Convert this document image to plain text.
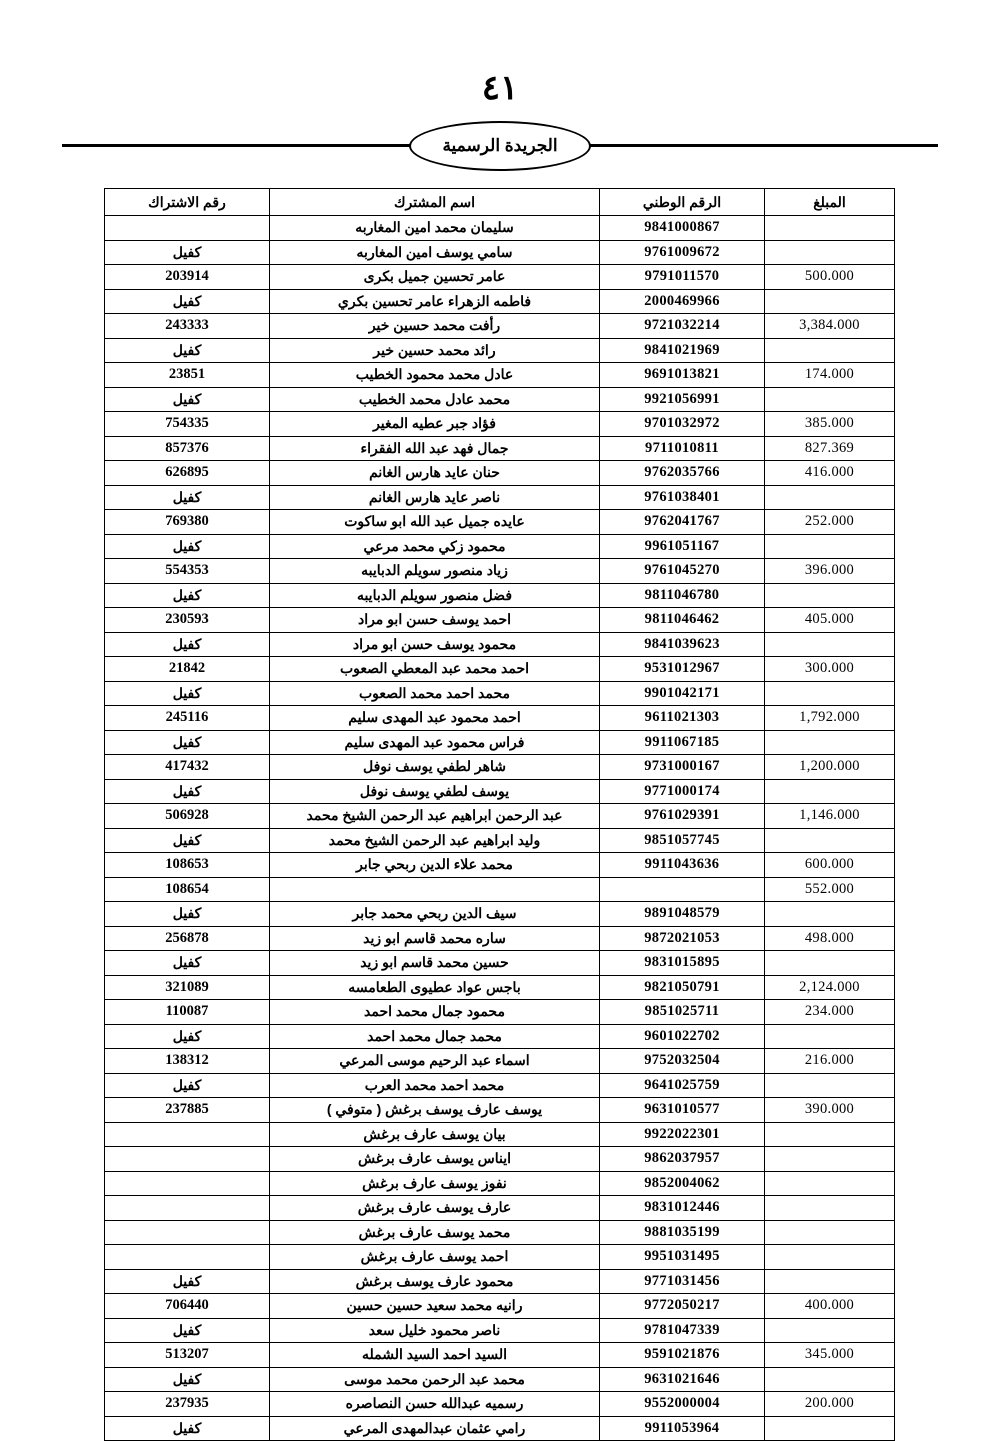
٤١
الجريدة الرسمية
المبلغ	الرقم الوطني	اسم المشترك	رقم الاشتراك
	9841000867	سليمان محمد امين المغاربه	
	9761009672	سامي يوسف امين المغاربه	كفيل
500.000	9791011570	عامر تحسين جميل بكرى	203914
	2000469966	فاطمه الزهراء عامر تحسين بكري	كفيل
3,384.000	9721032214	رأفت محمد حسين خير	243333
	9841021969	رائد محمد حسين خير	كفيل
174.000	9691013821	عادل محمد محمود الخطيب	23851
	9921056991	محمد عادل محمد الخطيب	كفيل
385.000	9701032972	فؤاد جبر عطيه المغير	754335
827.369	9711010811	جمال فهد عبد الله الفقراء	857376
416.000	9762035766	حنان عايد هارس الغانم	626895
	9761038401	ناصر عايد هارس الغانم	كفيل
252.000	9762041767	عايده جميل عبد الله ابو ساكوت	769380
	9961051167	محمود زكي محمد مرعي	كفيل
396.000	9761045270	زياد منصور سويلم الدبايبه	554353
	9811046780	فضل منصور سويلم الدبايبه	كفيل
405.000	9811046462	احمد يوسف حسن ابو مراد	230593
	9841039623	محمود يوسف حسن ابو مراد	كفيل
300.000	9531012967	احمد محمد عبد المعطي الصعوب	21842
	9901042171	محمد احمد محمد الصعوب	كفيل
1,792.000	9611021303	احمد محمود عبد المهدى سليم	245116
	9911067185	فراس محمود عبد المهدى سليم	كفيل
1,200.000	9731000167	شاهر لطفي يوسف نوفل	417432
	9771000174	يوسف لطفي يوسف نوفل	كفيل
1,146.000	9761029391	عبد الرحمن ابراهيم عبد الرحمن الشيخ محمد	506928
	9851057745	وليد ابراهيم عبد الرحمن الشيخ محمد	كفيل
600.000	9911043636	محمد علاء الدين ربحي جابر	108653
552.000			108654
	9891048579	سيف الدين ربحي محمد جابر	كفيل
498.000	9872021053	ساره محمد قاسم ابو زيد	256878
	9831015895	حسين محمد قاسم ابو زيد	كفيل
2,124.000	9821050791	باجس عواد عطيوى الطعامسه	321089
234.000	9851025711	محمود جمال محمد احمد	110087
	9601022702	محمد جمال محمد احمد	كفيل
216.000	9752032504	اسماء عبد الرحيم موسى المرعي	138312
	9641025759	محمد احمد محمد العرب	كفيل
390.000	9631010577	يوسف عارف يوسف برغش ( متوفي )	237885
	9922022301	بيان يوسف عارف برغش	
	9862037957	ايناس يوسف عارف برغش	
	9852004062	نفوز يوسف عارف برغش	
	9831012446	عارف يوسف عارف برغش	
	9881035199	محمد يوسف عارف برغش	
	9951031495	احمد يوسف عارف برغش	
	9771031456	محمود عارف يوسف برغش	كفيل
400.000	9772050217	رانيه محمد سعيد حسين حسين	706440
	9781047339	ناصر محمود خليل سعد	كفيل
345.000	9591021876	السيد احمد السيد الشمله	513207
	9631021646	محمد عبد الرحمن محمد موسى	كفيل
200.000	9552000004	رسميه عبدالله حسن النصاصره	237935
	9911053964	رامي عثمان عبدالمهدى المرعي	كفيل
